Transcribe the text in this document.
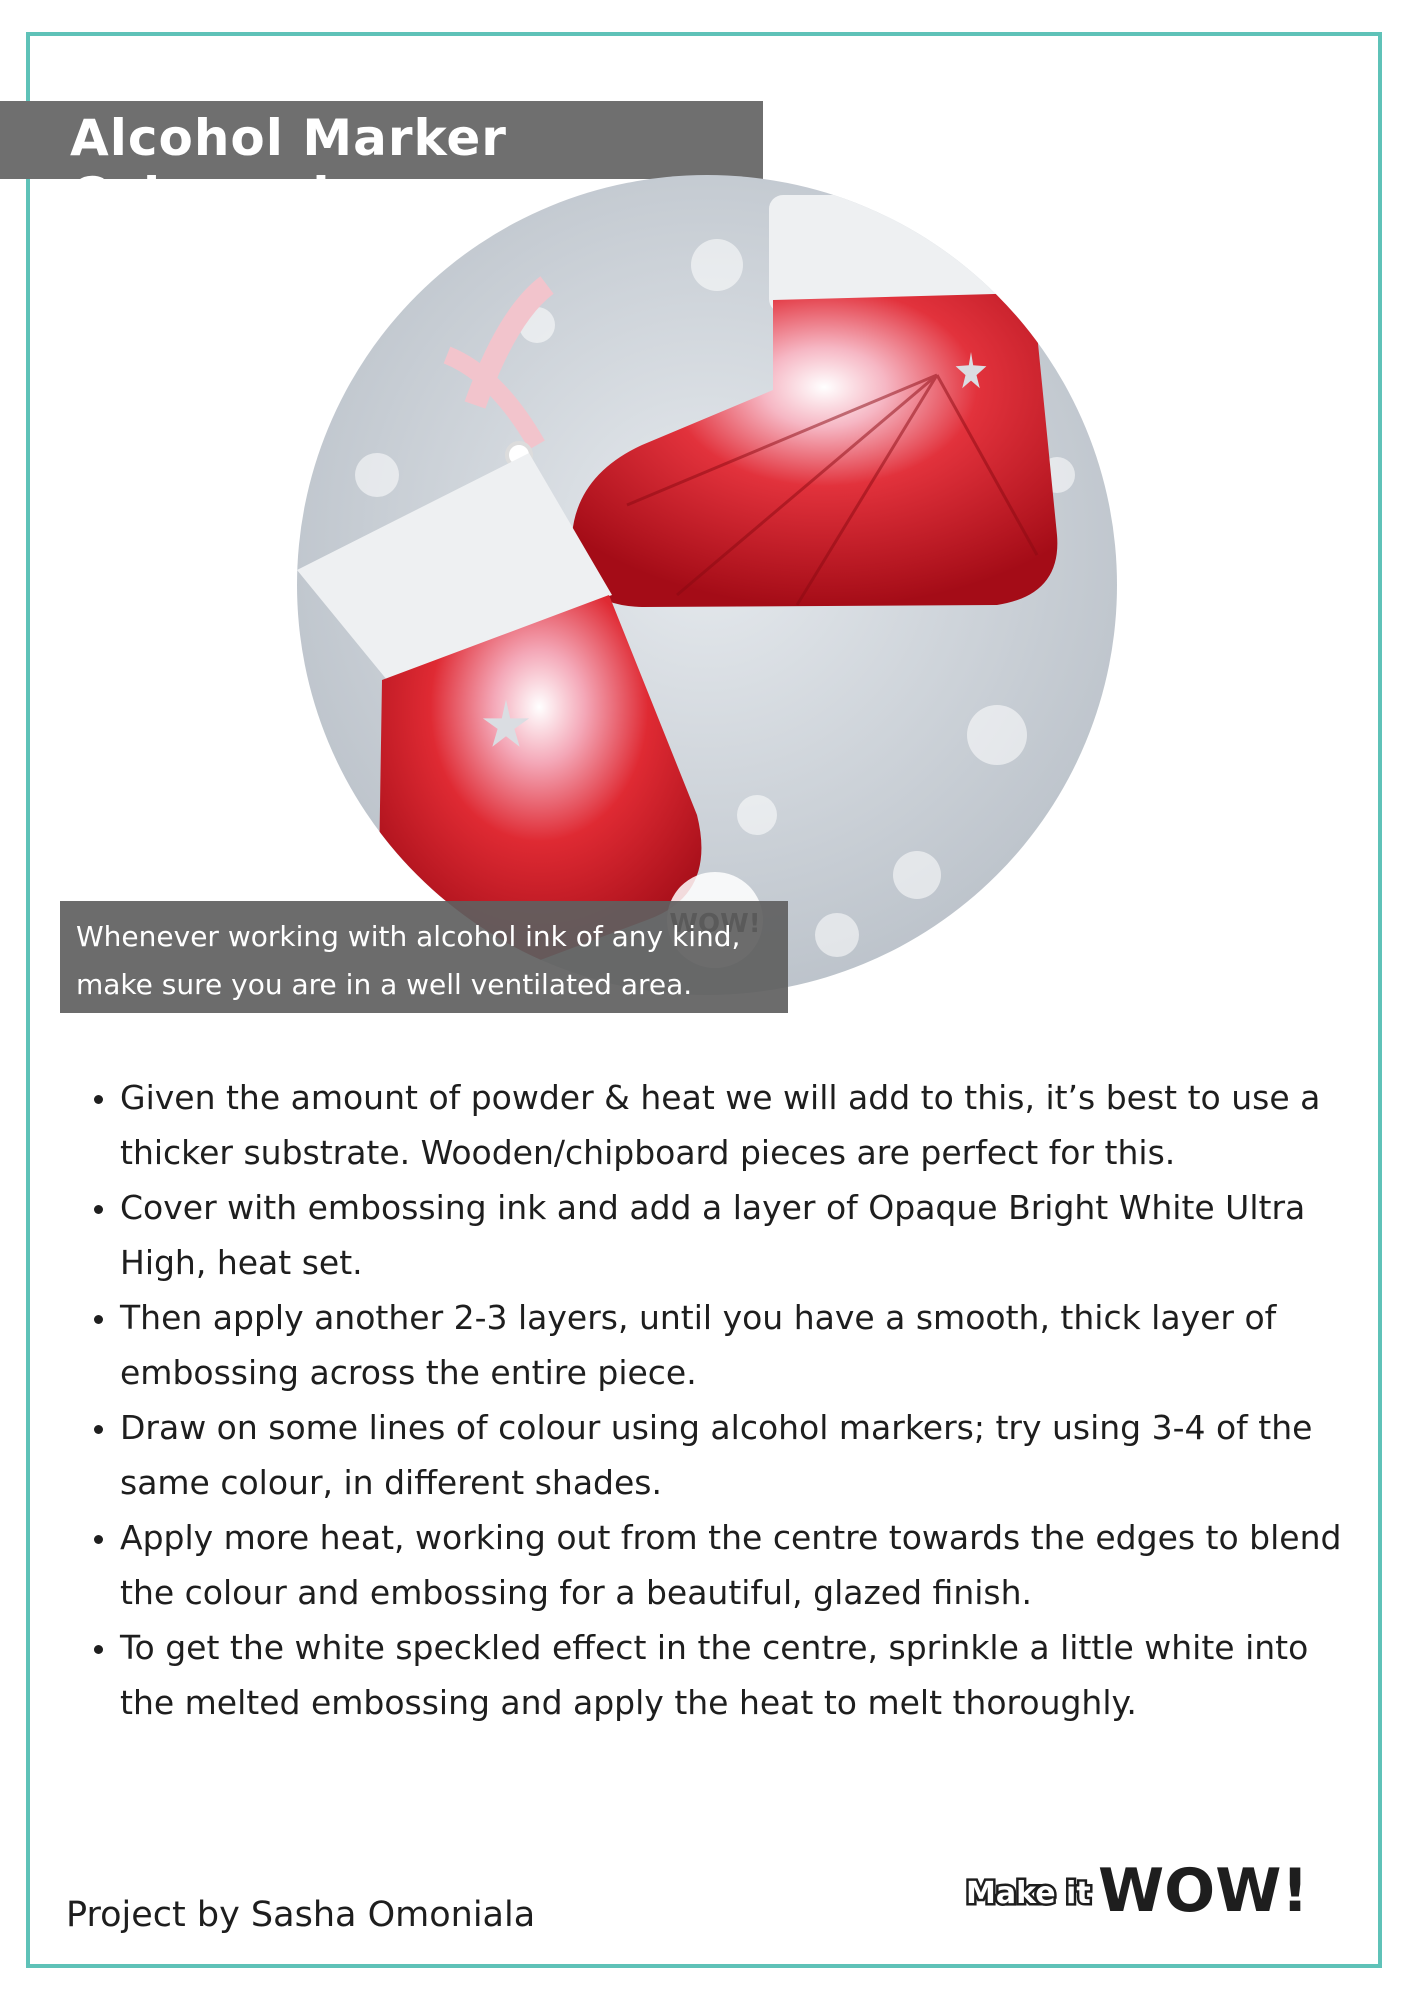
Alcohol Marker Coloured
Whenever working with alcohol ink of any kind,
make sure you are in a well ventilated area.
Given the amount of powder & heat we will add to this, it’s best to use a
thicker substrate. Wooden/chipboard pieces are perfect for this.
Cover with embossing ink and add a layer of Opaque Bright White Ultra
High, heat set.
Then apply another 2-3 layers, until you have a smooth, thick layer of
embossing across the entire piece.
Draw on some lines of colour using alcohol markers; try using 3-4 of the
same colour, in different shades.
Apply more heat, working out from the centre towards the edges to blend
the colour and embossing for a beautiful, glazed finish.
To get the white speckled effect in the centre, sprinkle a little white into
the melted embossing and apply the heat to melt thoroughly.
Project by Sasha Omoniala
Make it WOW!
